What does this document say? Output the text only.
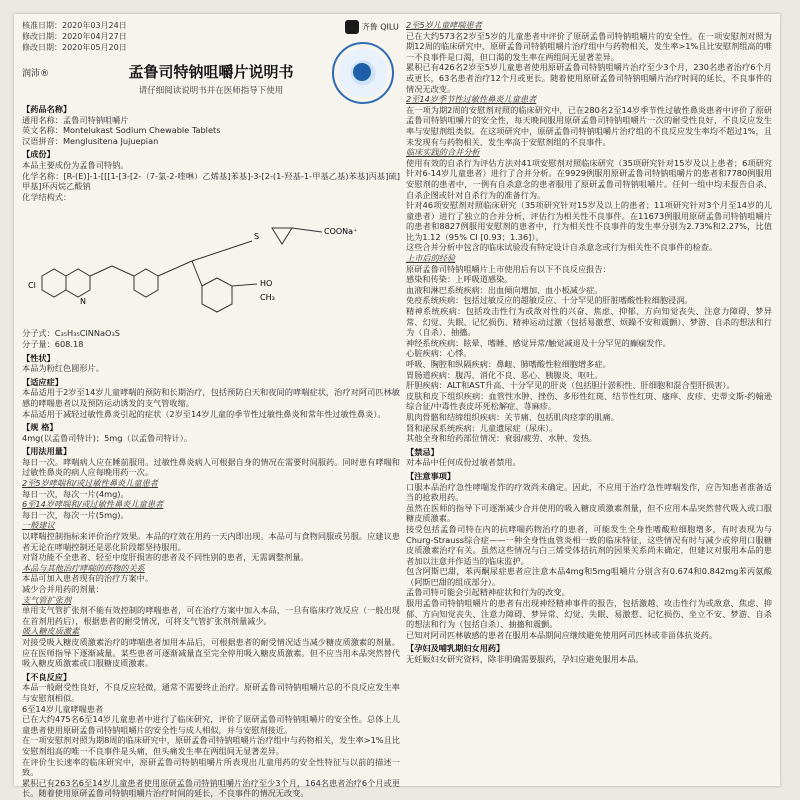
核准日期：2020年03月24日
修改日期：2020年04月27日
修改日期：2020年05月20日
齐鲁 QILU
润沛®	孟鲁司特钠咀嚼片说明书
请仔细阅读说明书并在医师指导下使用
【药品名称】
通用名称：孟鲁司特钠咀嚼片
英文名称：Montelukast Sodium Chewable Tablets
汉语拼音：Menglusitena Jujuepian
【成份】
本品主要成份为孟鲁司特钠。
化学名称：[R-(E)]-1-[[[1-[3-[2-（7-氯-2-喹啉）乙烯基]苯基]-3-[2-(1-羟基-1-甲基乙基)苯基]丙基]硫]甲基]环丙烷乙酸钠
化学结构式：
Cl
N
S
COONa⁺
HO
CH₃
分子式：C₃₅H₃₅ClNNaO₃S
分子量：608.18
【性状】
本品为粉红色圆形片。
【适应症】
本品适用于2岁至14岁儿童哮喘的预防和长期治疗，包括预防白天和夜间的哮喘症状，治疗对阿司匹林敏感的哮喘患者以及预防运动诱发的支气管收缩。
本品适用于减轻过敏性鼻炎引起的症状（2岁至14岁儿童的季节性过敏性鼻炎和常年性过敏性鼻炎）。
【规 格】
4mg(以孟鲁司特计)；5mg（以孟鲁司特计）。
【用法用量】
每日一次。哮喘病人应在睡前服用。过敏性鼻炎病人可根据自身的情况在需要时间服药。同时患有哮喘和过敏性鼻炎的病人应每晚用药一次。
2至5岁哮喘和/或过敏性鼻炎儿童患者
每日一次，每次一片(4mg)。
6至14岁哮喘和/或过敏性鼻炎儿童患者
每日一次，每次一片(5mg)。
一般建议
以哮喘控制指标来评价治疗效果。本品的疗效在用药一天内即出现。本品可与食物同服或另服。应建议患者无论在哮喘控制还是恶化阶段都坚持服用。
对肾功能不全患者、轻至中度肝损害的患者及不同性别的患者，无需调整剂量。
本品与其他治疗哮喘的药物的关系
本品可加入患者现有的治疗方案中。
减少合并用药的剂量：
支气管扩张剂
单用支气管扩张剂不能有效控制的哮喘患者，可在治疗方案中加入本品，一旦有临床疗效反应（一般出现在首剂用药后），根据患者的耐受情况，可将支气管扩张剂剂量减少。
吸入糖皮质激素
对接受吸入糖皮质激素治疗的哮喘患者加用本品后，可根据患者的耐受情况适当减少糖皮质激素的剂量。应在医师指导下逐渐减量。某些患者可逐渐减量直至完全停用吸入糖皮质激素。但不应当用本品突然替代吸入糖皮质激素或口服糖皮质激素。
【不良反应】
本品一般耐受性良好，不良反应轻微，通常不需要终止治疗。原研孟鲁司特钠咀嚼片总的不良反应发生率与安慰剂相似。
6至14岁儿童哮喘患者
已在大约475名6至14岁儿童患者中进行了临床研究，评价了原研孟鲁司特钠咀嚼片的安全性。总体上儿童患者使用原研孟鲁司特钠咀嚼片的安全性与成人相似，并与安慰剂接近。
在一项安慰剂对照为期8周的临床研究中，原研孟鲁司特钠咀嚼片治疗组中与药物相关，发生率>1%且比安慰剂组高的唯一不良事件是头痛，但头痛发生率在两组间无显著差异。
在评价生长速率的临床研究中，原研孟鲁司特钠咀嚼片所表现出儿童用药的安全性特征与以前的描述一致。
累积已有263名6至14岁儿童患者使用原研孟鲁司特钠咀嚼片治疗至少3个月，164名患者治疗6个月或更长。随着使用原研孟鲁司特钠咀嚼片治疗时间的延长，不良事件的情况无改变。
2至5岁儿童哮喘患者
已在大约573名2岁至5岁的儿童患者中评价了原研孟鲁司特钠咀嚼片的安全性。在一项安慰剂对照为期12周的临床研究中，原研孟鲁司特钠咀嚼片治疗组中与药物相关，发生率>1%且比安慰剂组高的唯一不良事件是口渴，但口渴的发生率在两组间无显著差异。
累积已有426名2岁至5岁儿童患者使用原研孟鲁司特钠咀嚼片治疗至少3个月，230名患者治疗6个月或更长，63名患者治疗12个月或更长。随着使用原研孟鲁司特钠咀嚼片治疗时间的延长，不良事件的情况无改变。
2至14岁季节性过敏性鼻炎儿童患者
在一项为期2周的安慰剂对照的临床研究中，已在280名2至14岁季节性过敏性鼻炎患者中评价了原研孟鲁司特钠咀嚼片的安全性，每天晚间服用原研孟鲁司特钠咀嚼片一次的耐受性良好，不良反应发生率与安慰剂组类似。在这项研究中，原研孟鲁司特钠咀嚼片治疗组的不良反应发生率均不超过1%，且未发现有与药物相关、发生率高于安慰剂组的不良事件。
临床实践的合并分析
使用有效的自杀行为评估方法对41项安慰剂对照临床研究（35项研究针对15岁及以上患者；6项研究针对6-14岁儿童患者）进行了合并分析。在9929例服用原研孟鲁司特钠咀嚼片的患者和7780例服用安慰剂的患者中，一例有自杀意念的患者服用了原研孟鲁司特钠咀嚼片。任何一组中均未报告自杀、自杀企图或针对自杀行为的准备行为。
针对46项安慰剂对照临床研究（35项研究针对15岁及以上的患者；11项研究针对3个月至14岁的儿童患者）进行了独立的合并分析，评估行为相关性不良事件。在11673例服用原研孟鲁司特钠咀嚼片的患者和8827例服用安慰剂的患者中，行为相关性不良事件的发生率分别为2.73%和2.27%，比值比为1.12（95% CI [0.93；1.36]）。
这些合并分析中包含的临床试验没有特定设计自杀意念或行为相关性不良事件的检查。
上市后的经验
原研孟鲁司特钠咀嚼片上市使用后有以下不良反应报告：
感染和传染：上呼吸道感染。
血液和淋巴系统疾病：出血倾向增加、血小板减少症。
免疫系统疾病：包括过敏反应的超敏反应、十分罕见的肝脏嗜酸性粒细胞浸润。
精神系统疾病：包括攻击性行为或敌对性的兴奋、焦虑、抑郁、方向知觉丧失、注意力障碍、梦异常、幻觉、失眠、记忆损伤、精神运动过激（包括易激惹、烦躁不安和震颤）、梦游、自杀的想法和行为（自杀）、抽搐。
神经系统疾病：眩晕、嗜睡、感觉异常/触觉减退及十分罕见的癫痫发作。
心脏疾病：心悸。
呼吸、胸腔和纵隔疾病：鼻衄、肺嗜酸性粒细胞增多症。
胃肠道疾病：腹泻、消化不良、恶心、胰腺炎、呕吐。
肝胆疾病：ALT和AST升高、十分罕见的肝炎（包括胆汁淤积性、肝细胞和混合型肝损害）。
皮肤和皮下组织疾病：血管性水肿、挫伤、多形性红斑、结节性红斑、瘙痒、皮疹、史蒂文斯-约翰逊综合征/中毒性表皮坏死松解症、荨麻疹。
肌肉骨骼和结缔组织疾病：关节痛、包括肌肉痉挛的肌痛。
肾和泌尿系统疾病：儿童遗尿症（尿床）。
其他全身和给药部位情况：衰弱/疲劳、水肿、发热。
【禁忌】
对本品中任何成份过敏者禁用。
【注意事项】
口服本品治疗急性哮喘发作的疗效尚未确定。因此，不应用于治疗急性哮喘发作，应告知患者准备适当的抢救用药。
虽然在医师的指导下可逐渐减少合并使用的吸入糖皮质激素剂量，但不应用本品突然替代吸入或口服糖皮质激素。
接受包括孟鲁司特在内的抗哮喘药物治疗的患者，可能发生全身性嗜酸粒细胞增多，有时表现为与Churg-Strauss综合症——一种全身性血管炎相一致的临床特征，这些情况有时与减少或停用口服糖皮质激素治疗有关。虽然这些情况与白三烯受体拮抗剂的因果关系尚未确定，但建议对服用本品的患者加以注意并作适当的临床监护。
包含阿斯巴甜，苯丙酮尿症患者应注意本品4mg和5mg咀嚼片分别含有0.674和0.842mg苯丙氨酸（阿斯巴甜的组成部分）。
孟鲁司特可能会引起精神症状和行为的改变。
服用孟鲁司特钠咀嚼片的患者有出现神经精神事件的报告，包括激越、攻击性行为或敌意、焦虑、抑郁、方向知觉丧失、注意力障碍、梦异常、幻觉、失眠、易激惹、记忆损伤、坐立不安、梦游、自杀的想法和行为（包括自杀）、抽搐和震颤。
已知对阿司匹林敏感的患者在服用本品期间应继续避免使用阿司匹林或非甾体抗炎药。
【孕妇及哺乳期妇女用药】
无妊娠妇女研究资料，除非明确需要服药，孕妇应避免服用本品。
